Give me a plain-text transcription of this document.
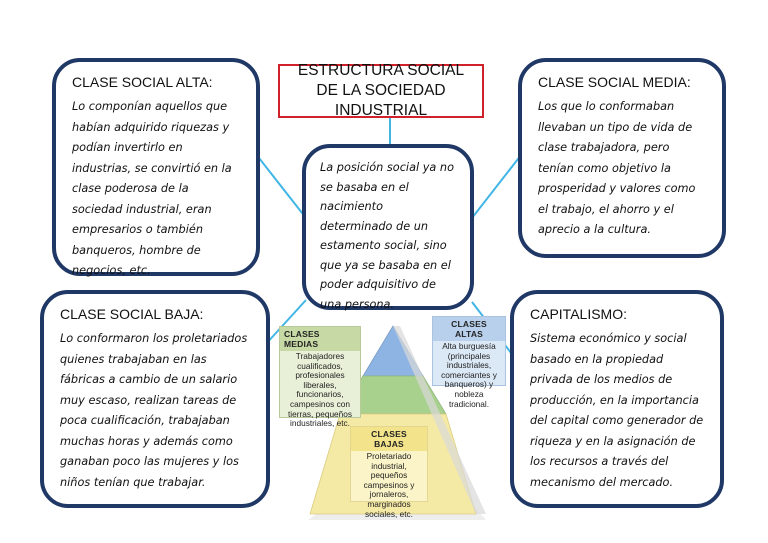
ESTRUCTURA SOCIAL DE LA SOCIEDAD INDUSTRIAL
CLASE SOCIAL ALTA:
Lo componían aquellos que habían adquirido riquezas y podían invertirlo en industrias, se convirtió en la clase poderosa de la sociedad industrial, eran empresarios o también banqueros, hombre de negocios, etc.
CLASE SOCIAL MEDIA:
Los que lo conformaban llevaban un tipo de vida de clase trabajadora, pero tenían como objetivo la prosperidad y valores como el trabajo, el ahorro y el aprecio a la cultura.
La posición social ya no se basaba en el nacimiento determinado de un estamento social, sino que ya se basaba en el poder adquisitivo de una persona.
CLASE SOCIAL BAJA:
Lo conformaron los proletariados quienes trabajaban en las fábricas a cambio de un salario muy escaso, realizan tareas de poca cualificación, trabajaban muchas horas y además como ganaban poco las mujeres y los niños tenían que trabajar.
CAPITALISMO:
Sistema económico y social basado en la propiedad privada de los medios de producción, en la importancia del capital como generador de riqueza y en la asignación de los recursos a través del mecanismo del mercado.
CLASES MEDIAS
Trabajadores cualificados, profesionales liberales, funcionarios, campesinos con tierras, pequeños industriales, etc.
CLASES ALTAS
Alta burguesía (principales industriales, comerciantes y banqueros) y nobleza tradicional.
CLASES BAJAS
Proletariado industrial, pequeños campesinos y jornaleros, marginados sociales, etc.
